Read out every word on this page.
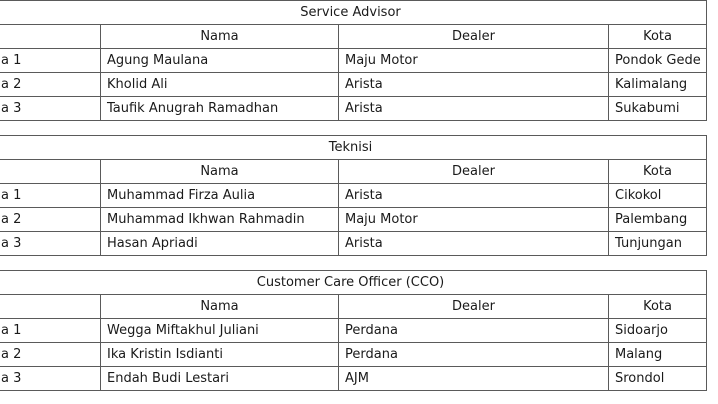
Service Advisor			
	Nama	Dealer	Kota
a 1	Agung Maulana	Maju Motor	Pondok Gede
a 2	Kholid Ali	Arista	Kalimalang
a 3	Taufik Anugrah Ramadhan	Arista	Sukabumi
Teknisi			
	Nama	Dealer	Kota
a 1	Muhammad Firza Aulia	Arista	Cikokol
a 2	Muhammad Ikhwan Rahmadin	Maju Motor	Palembang
a 3	Hasan Apriadi	Arista	Tunjungan
Customer Care Officer (CCO)			
	Nama	Dealer	Kota
a 1	Wegga Miftakhul Juliani	Perdana	Sidoarjo
a 2	Ika Kristin Isdianti	Perdana	Malang
a 3	Endah Budi Lestari	AJM	Srondol
